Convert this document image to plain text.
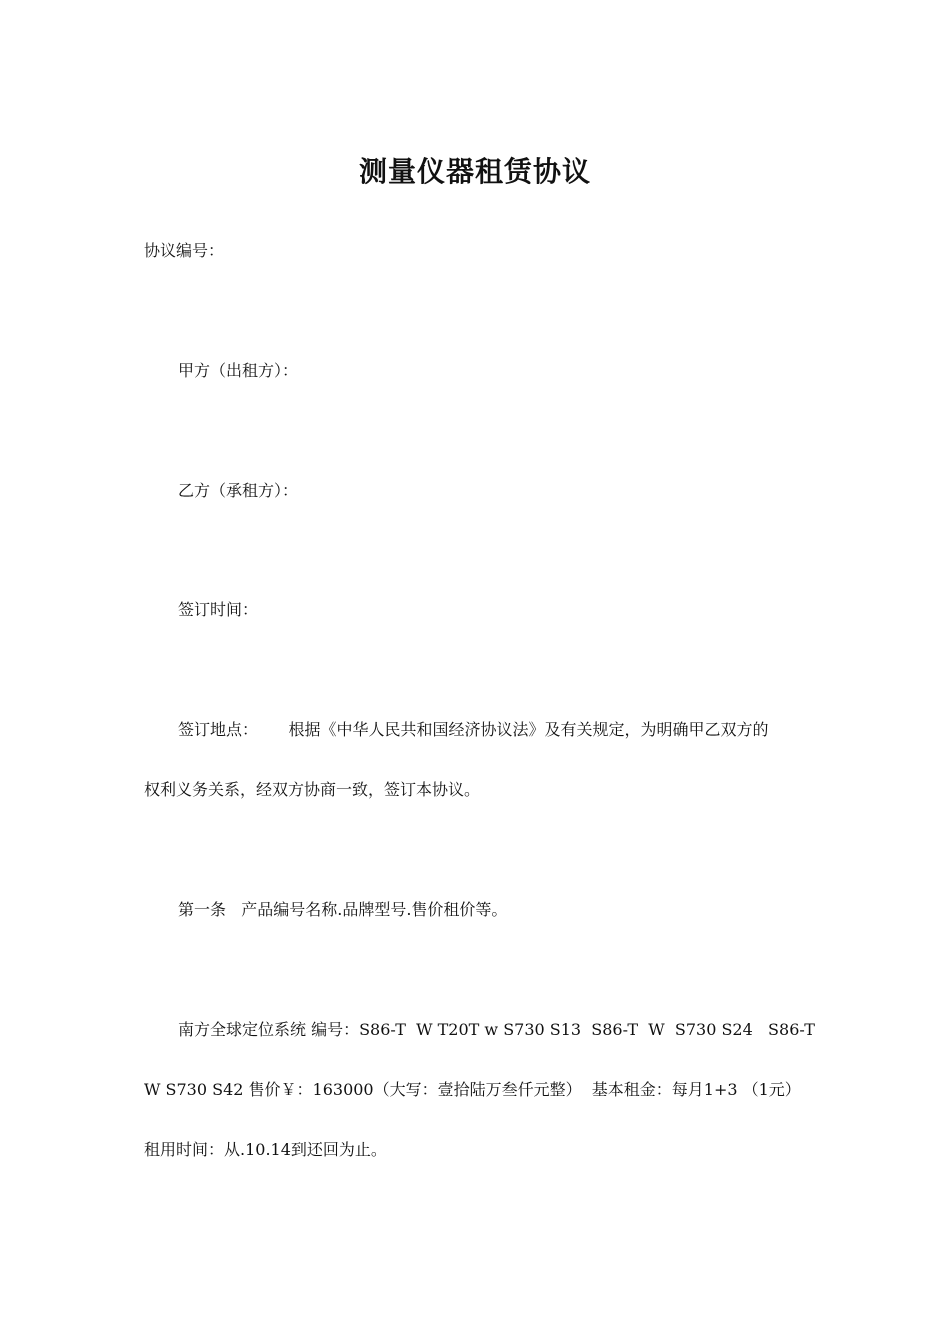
测量仪器租赁协议
协议编号：
甲方（出租方）：
乙方（承租方）：
签订时间：
签订地点：      根据《中华人民共和国经济协议法》及有关规定，为明确甲乙双方的
权利义务关系，经双方协商一致，签订本协议。
第一条   产品编号名称.品牌型号.售价租价等。
南方全球定位系统 编号：S86-T  W T20T w S730 S13  S86-T  W  S730 S24   S86-T
W S730 S42 售价￥：163000（大写：壹拾陆万叁仟元整）  基本租金：每月1+3 （1元）
租用时间：从.10.14到还回为止。
